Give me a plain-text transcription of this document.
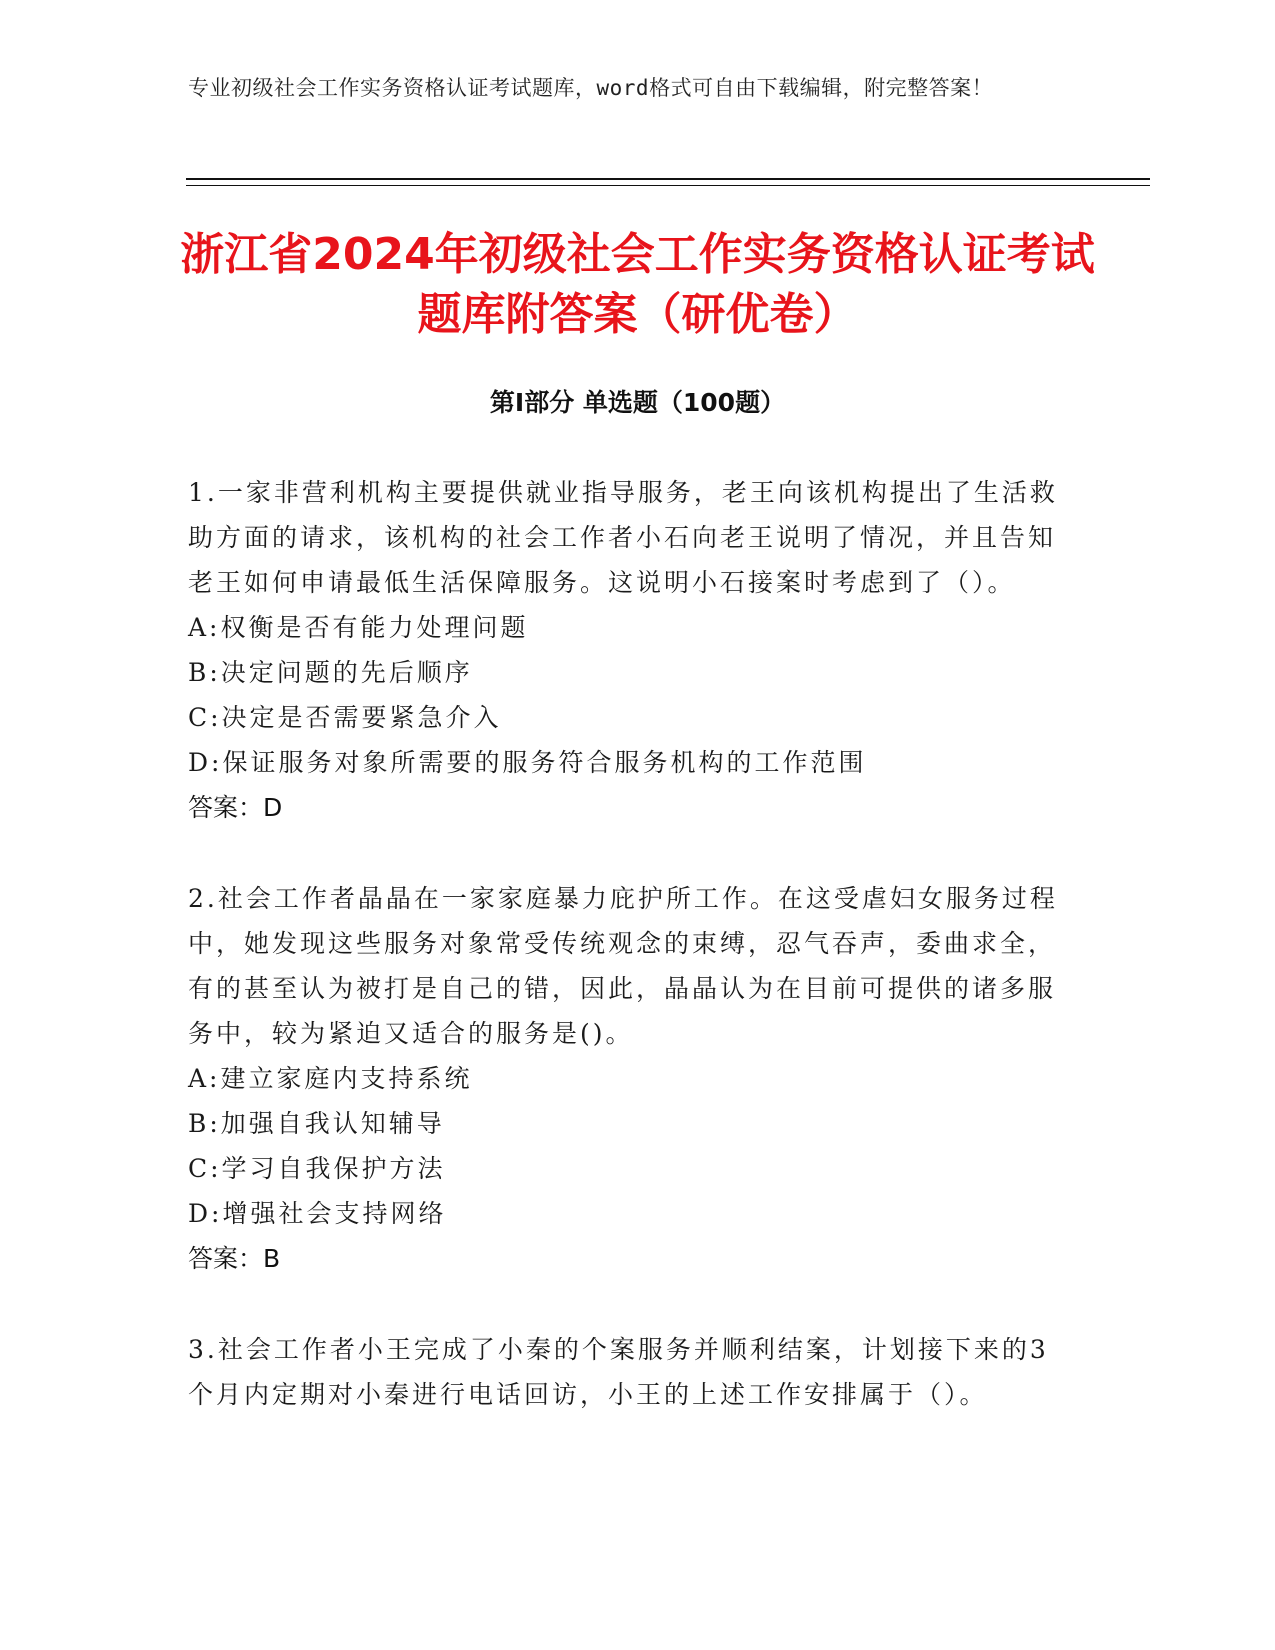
专业初级社会工作实务资格认证考试题库，word格式可自由下载编辑，附完整答案！
浙江省2024年初级社会工作实务资格认证考试题库附答案（研优卷）
第I部分 单选题（100题）
1.一家非营利机构主要提供就业指导服务，老王向该机构提出了生活救助方面的请求，该机构的社会工作者小石向老王说明了情况，并且告知老王如何申请最低生活保障服务。这说明小石接案时考虑到了（）。
A:权衡是否有能力处理问题
B:决定问题的先后顺序
C:决定是否需要紧急介入
D:保证服务对象所需要的服务符合服务机构的工作范围
答案：D
2.社会工作者晶晶在一家家庭暴力庇护所工作。在这受虐妇女服务过程中，她发现这些服务对象常受传统观念的束缚，忍气吞声，委曲求全，有的甚至认为被打是自己的错，因此，晶晶认为在目前可提供的诸多服务中，较为紧迫又适合的服务是()。
A:建立家庭内支持系统
B:加强自我认知辅导
C:学习自我保护方法
D:增强社会支持网络
答案：B
3.社会工作者小王完成了小秦的个案服务并顺利结案，计划接下来的3个月内定期对小秦进行电话回访，小王的上述工作安排属于（）。
